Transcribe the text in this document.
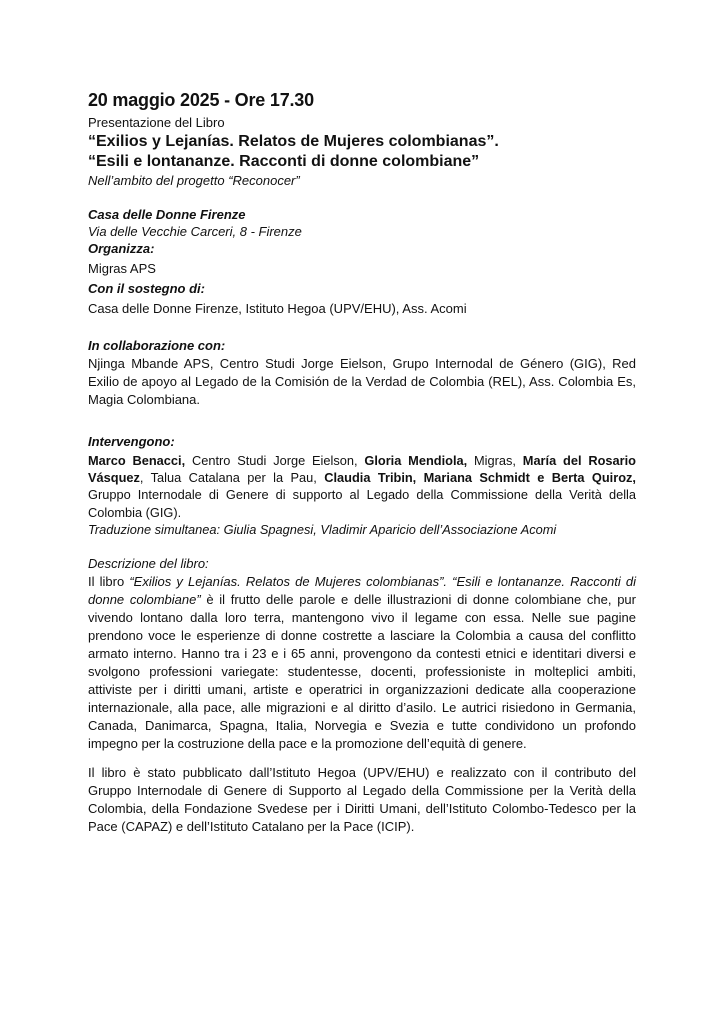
20 maggio 2025 - Ore 17.30
Presentazione del Libro
“Exilios y Lejanías. Relatos de Mujeres colombianas”.
“Esili e lontananze. Racconti di donne colombiane”
Nell’ambito del progetto “Reconocer”
Casa delle Donne Firenze
Via delle Vecchie Carceri, 8 - Firenze
Organizza:
Migras APS
Con il sostegno di:
Casa delle Donne Firenze, Istituto Hegoa (UPV/EHU), Ass. Acomi
In collaborazione con:
Njinga Mbande APS, Centro Studi Jorge Eielson, Grupo Internodal de Género (GIG), Red Exilio de apoyo al Legado de la Comisión de la Verdad de Colombia (REL), Ass. Colombia Es, Magia Colombiana.
Intervengono:
Marco Benacci, Centro Studi Jorge Eielson, Gloria Mendiola, Migras, María del Rosario Vásquez, Talua Catalana per la Pau, Claudia Tribin, Mariana Schmidt e Berta Quiroz, Gruppo Internodale di Genere di supporto al Legado della Commissione della Verità della Colombia (GIG).
Traduzione simultanea: Giulia Spagnesi, Vladimir Aparicio dell’Associazione Acomi
Descrizione del libro:
Il libro “Exilios y Lejanías. Relatos de Mujeres colombianas”. “Esili e lontananze. Racconti di donne colombiane” è il frutto delle parole e delle illustrazioni di donne colombiane che, pur vivendo lontano dalla loro terra, mantengono vivo il legame con essa. Nelle sue pagine prendono voce le esperienze di donne costrette a lasciare la Colombia a causa del conflitto armato interno. Hanno tra i 23 e i 65 anni, provengono da contesti etnici e identitari diversi e svolgono professioni variegate: studentesse, docenti, professioniste in molteplici ambiti, attiviste per i diritti umani, artiste e operatrici in organizzazioni dedicate alla cooperazione internazionale, alla pace, alle migrazioni e al diritto d’asilo. Le autrici risiedono in Germania, Canada, Danimarca, Spagna, Italia, Norvegia e Svezia e tutte condividono un profondo impegno per la costruzione della pace e la promozione dell’equità di genere.
Il libro è stato pubblicato dall’Istituto Hegoa (UPV/EHU) e realizzato con il contributo del Gruppo Internodale di Genere di Supporto al Legado della Commissione per la Verità della Colombia, della Fondazione Svedese per i Diritti Umani, dell’Istituto Colombo-Tedesco per la Pace (CAPAZ) e dell’Istituto Catalano per la Pace (ICIP).
